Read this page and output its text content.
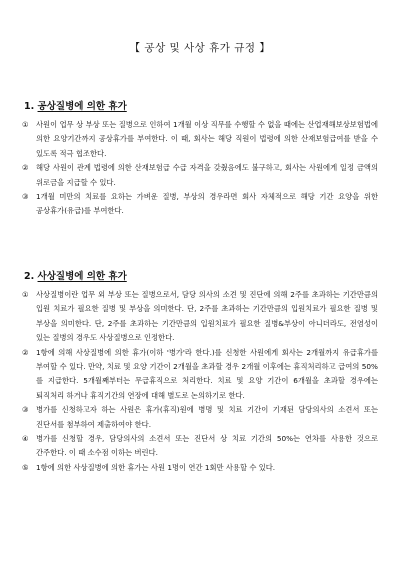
【 공상 및 사상 휴가 규정 】
1. 공상질병에 의한 휴가
①	사원이 업무 상 부상 또는 질병으로 인하여 1개월 이상 직무를 수행할 수 없을 때에는 산업재해보상보험법에 의한 요양기간까지 공상휴가를 부여한다. 이 때, 회사는 해당 직원이 법령에 의한 산재보험급여를 받을 수 있도록 적극 협조한다.
②	해당 사원이 관계 법령에 의한 산재보험급 수급 자격을 갖췄음에도 불구하고, 회사는 사원에게 일정 금액의 위로금을 지급할 수 있다.
③	1개월 미만의 치료를 요하는 가벼운 질병, 부상의 경우라면 회사 자체적으로 해당 기간 요양을 위한 공상휴가(유급)를 부여한다.
2. 사상질병에 의한 휴가
①	사상질병이란 업무 외 부상 또는 질병으로서, 담당 의사의 소견 및 진단에 의해 2주를 초과하는 기간만큼의 입원 치료가 필요한 질병 및 부상을 의미한다. 단, 2주를 초과하는 기간만큼의 입원치료가 필요한 질병 및 부상을 의미한다. 단, 2주를 초과하는 기간만큼의 입원치료가 필요한 질병&부상이 아니더라도, 전염성이 있는 질병의 경우도 사상질병으로 인정한다.
②	1항에 의해 사상질병에 의한 휴가(이하 '병가'라 한다.)를 신청한 사원에게 회사는 2개월까지 유급휴가를 부여할 수 있다. 만약, 치료 및 요양 기간이 2개월을 초과할 경우 2개월 이후에는 휴직처리하고 급여의 50%를 지급한다. 5개월째부터는 무급휴직으로 처리한다. 치료 및 요양 기간이 6개월을 초과할 경우에는 퇴직처리 하거나 휴직기간의 연장에 대해 별도로 논의하기로 한다.
③	병가를 신청하고자 하는 사원은 휴가(휴직)원에 병명 및 치료 기간이 기재된 담당의사의 소견서 또는 진단서를 첨부하여 제출하여야 한다.
④	병가를 신청할 경우, 담당의사의 소견서 또는 진단서 상 치료 기간의 50%는 연차를 사용한 것으로 간주한다. 이 때 소수점 이하는 버린다.
⑤	1항에 의한 사상질병에 의한 휴가는 사원 1명이 연간 1회만 사용할 수 있다.
